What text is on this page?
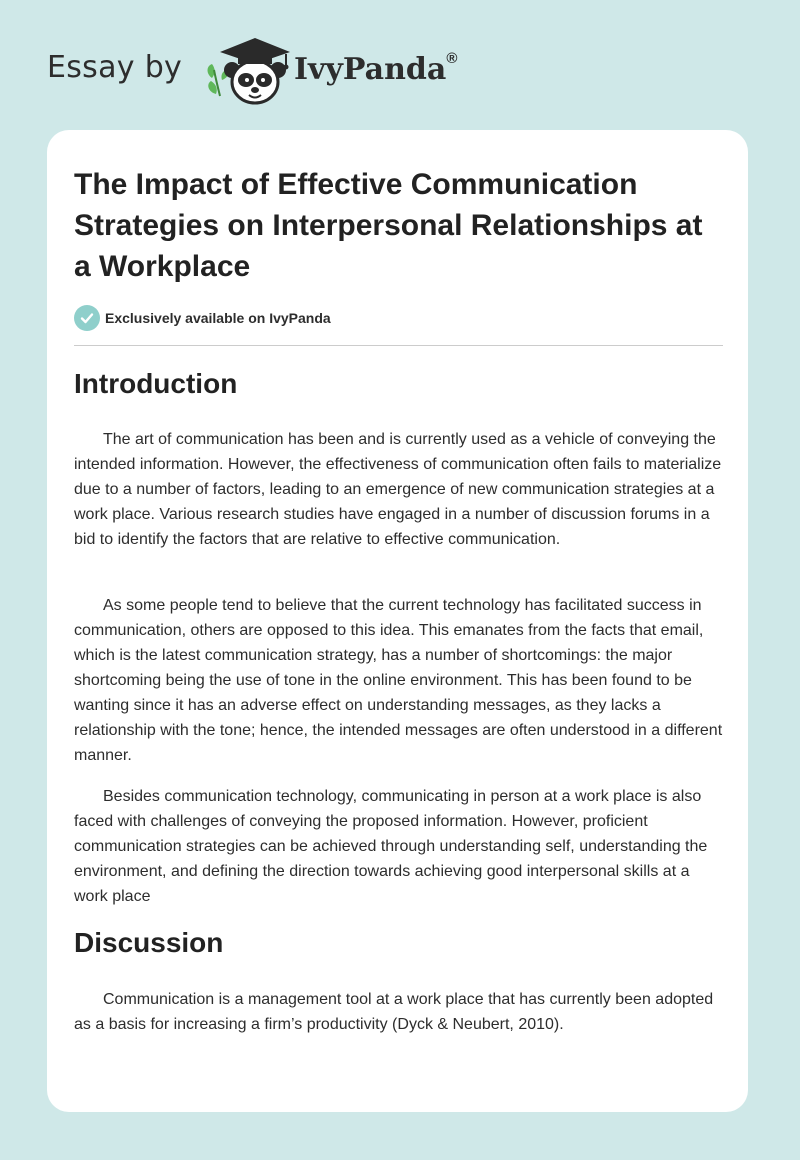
Essay by	IvyPanda®
The Impact of Effective Communication Strategies on Interpersonal Relationships at a Workplace
Exclusively available on IvyPanda
Introduction

The art of communication has been and is currently used as a vehicle of conveying the intended information. However, the effectiveness of communication often fails to materialize due to a number of factors, leading to an emergence of new communication strategies at a work place. Various research studies have engaged in a number of discussion forums in a bid to identify the factors that are relative to effective communication.

As some people tend to believe that the current technology has facilitated success in communication, others are opposed to this idea. This emanates from the facts that email, which is the latest communication strategy, has a number of shortcomings: the major shortcoming being the use of tone in the online environment. This has been found to be wanting since it has an adverse effect on understanding messages, as they lacks a relationship with the tone; hence, the intended messages are often understood in a different manner.

Besides communication technology, communicating in person at a work place is also faced with challenges of conveying the proposed information. However, proficient communication strategies can be achieved through understanding self, understanding the environment, and defining the direction towards achieving good interpersonal skills at a work place

Discussion

Communication is a management tool at a work place that has currently been adopted as a basis for increasing a firm’s productivity (Dyck & Neubert, 2010).
